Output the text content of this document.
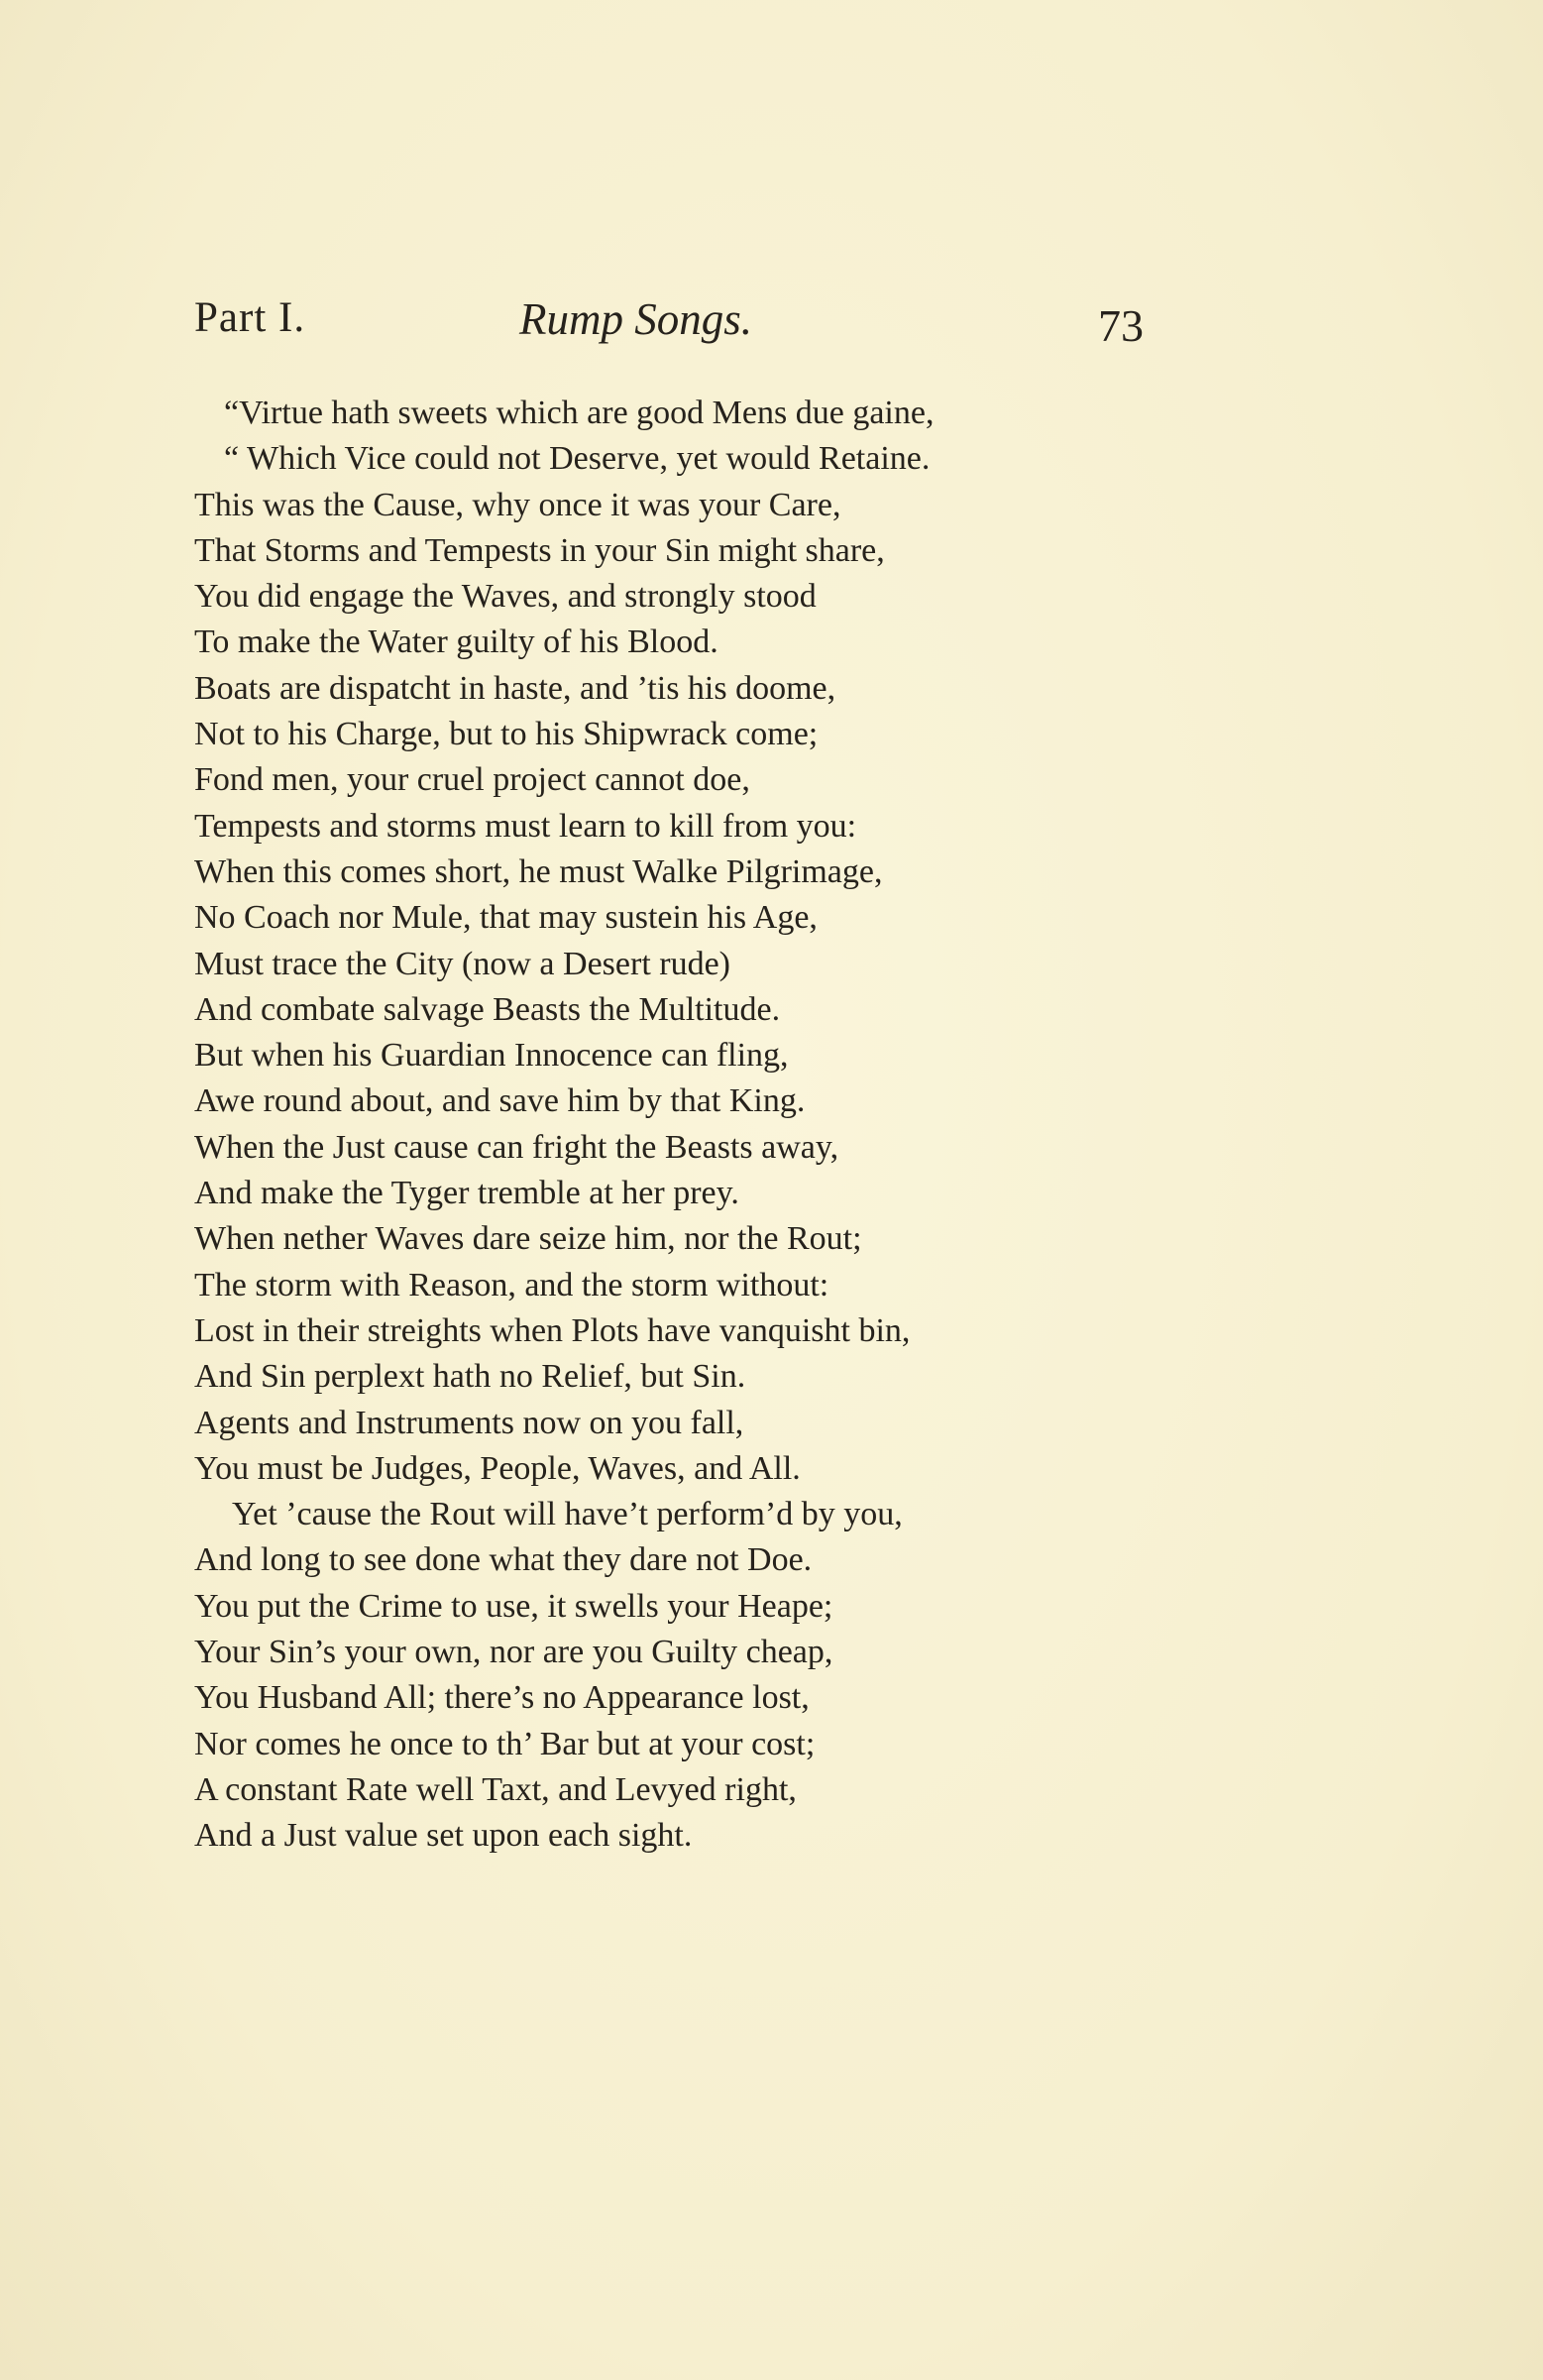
Part I.	Rump Songs.	73
“Virtue hath sweets which are good Mens due gaine,
“ Which Vice could not Deserve, yet would Retaine.
This was the Cause, why once it was your Care,
That Storms and Tempests in your Sin might share,
You did engage the Waves, and strongly stood
To make the Water guilty of his Blood.
Boats are dispatcht in haste, and ’tis his doome,
Not to his Charge, but to his Shipwrack come;
Fond men, your cruel project cannot doe,
Tempests and storms must learn to kill from you:
When this comes short, he must Walke Pilgrimage,
No Coach nor Mule, that may sustein his Age,
Must trace the City (now a Desert rude)
And combate salvage Beasts the Multitude.
But when his Guardian Innocence can fling,
Awe round about, and save him by that King.
When the Just cause can fright the Beasts away,
And make the Tyger tremble at her prey.
When nether Waves dare seize him, nor the Rout;
The storm with Reason, and the storm without:
Lost in their streights when Plots have vanquisht bin,
And Sin perplext hath no Relief, but Sin.
Agents and Instruments now on you fall,
You must be Judges, People, Waves, and All.
Yet ’cause the Rout will have’t perform’d by you,
And long to see done what they dare not Doe.
You put the Crime to use, it swells your Heape;
Your Sin’s your own, nor are you Guilty cheap,
You Husband All; there’s no Appearance lost,
Nor comes he once to th’ Bar but at your cost;
A constant Rate well Taxt, and Levyed right,
And a Just value set upon each sight.
